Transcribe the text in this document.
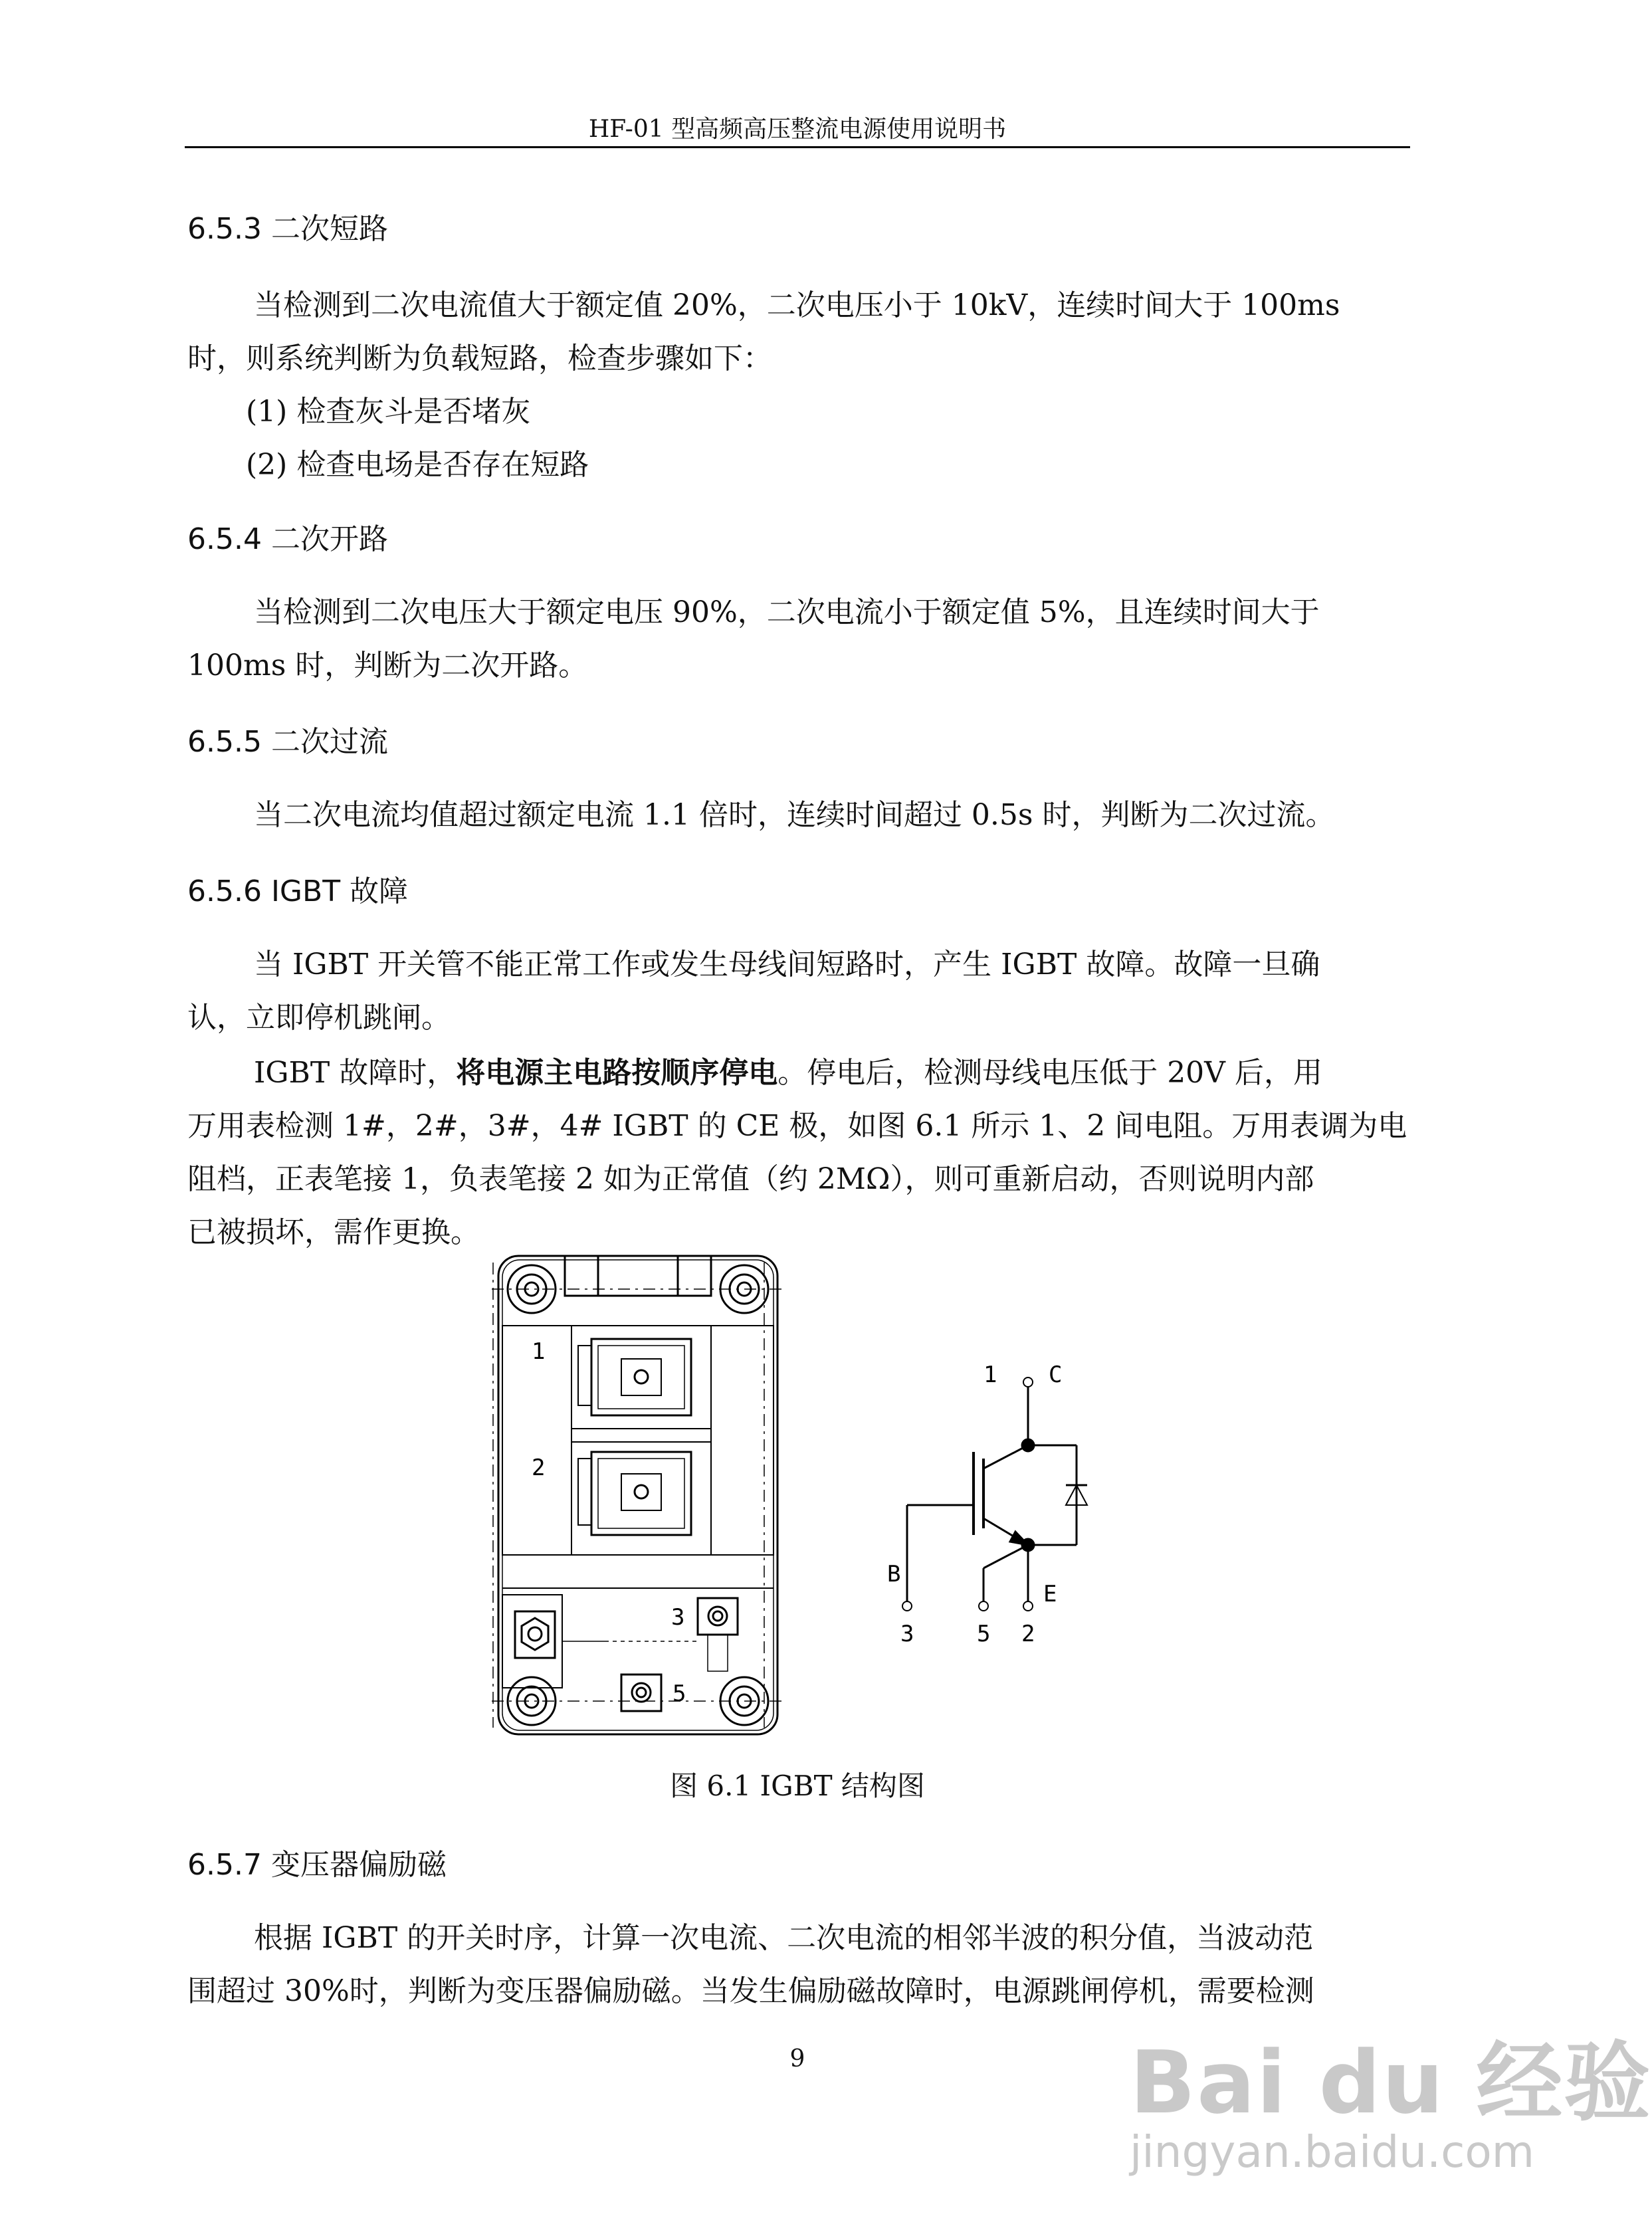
HF-01 型高频高压整流电源使用说明书
6.5.3 二次短路
当检测到二次电流值大于额定值 20%，二次电压小于 10kV，连续时间大于 100ms
时，则系统判断为负载短路，检查步骤如下：
(1) 检查灰斗是否堵灰
(2) 检查电场是否存在短路
6.5.4 二次开路
当检测到二次电压大于额定电压 90%，二次电流小于额定值 5%，且连续时间大于
100ms 时，判断为二次开路。
6.5.5 二次过流
当二次电流均值超过额定电流 1.1 倍时，连续时间超过 0.5s 时，判断为二次过流。
6.5.6 IGBT 故障
当 IGBT 开关管不能正常工作或发生母线间短路时，产生 IGBT 故障。故障一旦确
认，立即停机跳闸。
IGBT 故障时，将电源主电路按顺序停电。停电后，检测母线电压低于 20V 后，用
万用表检测 1#，2#，3#，4# IGBT 的 CE 极，如图 6.1 所示 1、2 间电阻。万用表调为电
阻档，正表笔接 1，负表笔接 2 如为正常值（约 2MΩ），则可重新启动，否则说明内部
已被损坏，需作更换。
1
2
3
5
1 C
B
E
3	5 2
图 6.1 IGBT 结构图
6.5.7 变压器偏励磁
根据 IGBT 的开关时序，计算一次电流、二次电流的相邻半波的积分值，当波动范
围超过 30%时，判断为变压器偏励磁。当发生偏励磁故障时，电源跳闸停机，需要检测
9	Bai du 经验
jingyan.baidu.com
